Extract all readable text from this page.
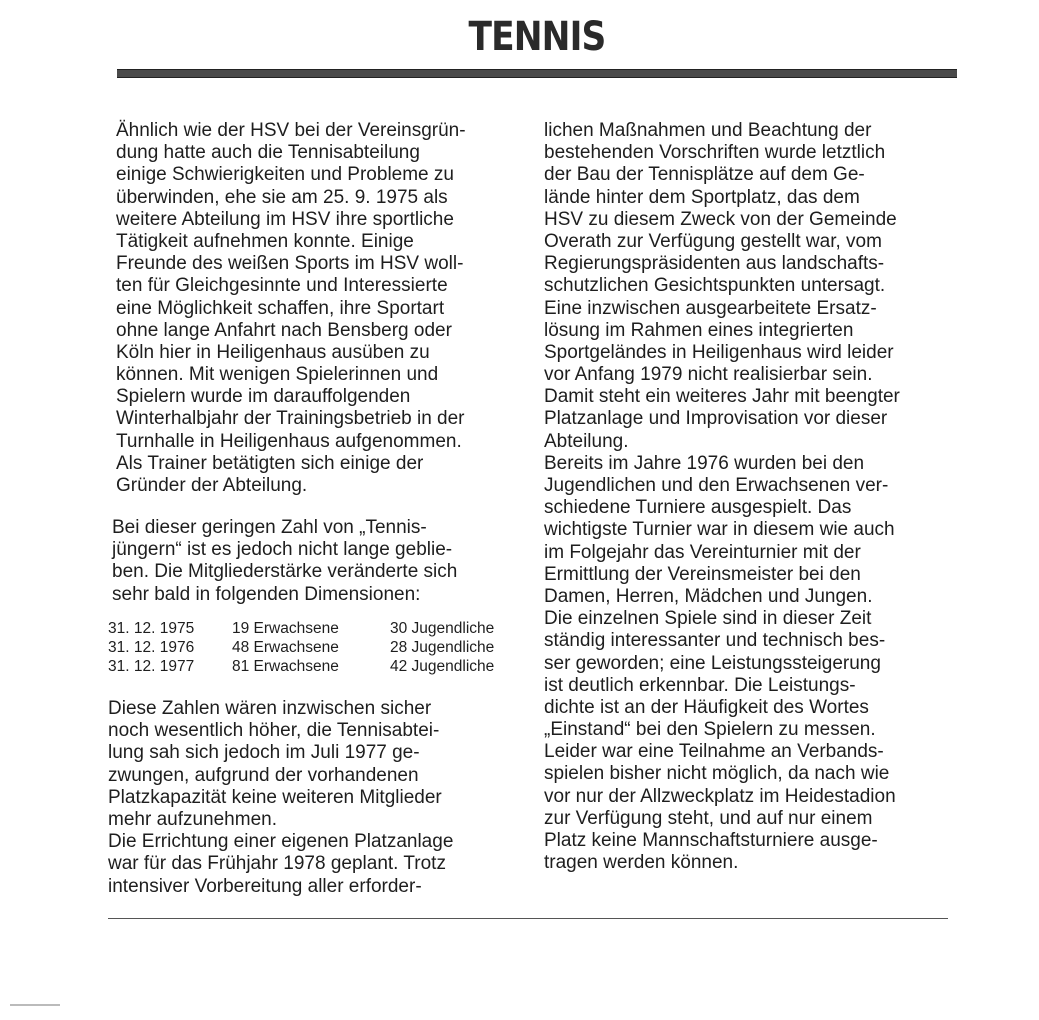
TENNIS
Ähnlich wie der HSV bei der Vereinsgrün-
dung hatte auch die Tennisabteilung
einige Schwierigkeiten und Probleme zu
überwinden, ehe sie am 25. 9. 1975 als
weitere Abteilung im HSV ihre sportliche
Tätigkeit aufnehmen konnte. Einige
Freunde des weißen Sports im HSV woll-
ten für Gleichgesinnte und Interessierte
eine Möglichkeit schaffen, ihre Sportart
ohne lange Anfahrt nach Bensberg oder
Köln hier in Heiligenhaus ausüben zu
können. Mit wenigen Spielerinnen und
Spielern wurde im darauffolgenden
Winterhalbjahr der Trainingsbetrieb in der
Turnhalle in Heiligenhaus aufgenommen.
Als Trainer betätigten sich einige der
Gründer der Abteilung.
Bei dieser geringen Zahl von „Tennis-
jüngern“ ist es jedoch nicht lange geblie-
ben. Die Mitgliederstärke veränderte sich
sehr bald in folgenden Dimensionen:
31. 12. 1975 19 Erwachsene	30 Jugendliche
31. 12. 1976 48 Erwachsene	28 Jugendliche
31. 12. 1977 81 Erwachsene	42 Jugendliche
Diese Zahlen wären inzwischen sicher
noch wesentlich höher, die Tennisabtei-
lung sah sich jedoch im Juli 1977 ge-
zwungen, aufgrund der vorhandenen
Platzkapazität keine weiteren Mitglieder
mehr aufzunehmen.
Die Errichtung einer eigenen Platzanlage
war für das Frühjahr 1978 geplant. Trotz
intensiver Vorbereitung aller erforder-
lichen Maßnahmen und Beachtung der
bestehenden Vorschriften wurde letztlich
der Bau der Tennisplätze auf dem Ge-
lände hinter dem Sportplatz, das dem
HSV zu diesem Zweck von der Gemeinde
Overath zur Verfügung gestellt war, vom
Regierungspräsidenten aus landschafts-
schutzlichen Gesichtspunkten untersagt.
Eine inzwischen ausgearbeitete Ersatz-
lösung im Rahmen eines integrierten
Sportgeländes in Heiligenhaus wird leider
vor Anfang 1979 nicht realisierbar sein.
Damit steht ein weiteres Jahr mit beengter
Platzanlage und Improvisation vor dieser
Abteilung.
Bereits im Jahre 1976 wurden bei den
Jugendlichen und den Erwachsenen ver-
schiedene Turniere ausgespielt. Das
wichtigste Turnier war in diesem wie auch
im Folgejahr das Vereinturnier mit der
Ermittlung der Vereinsmeister bei den
Damen, Herren, Mädchen und Jungen.
Die einzelnen Spiele sind in dieser Zeit
ständig interessanter und technisch bes-
ser geworden; eine Leistungssteigerung
ist deutlich erkennbar. Die Leistungs-
dichte ist an der Häufigkeit des Wortes
„Einstand“ bei den Spielern zu messen.
Leider war eine Teilnahme an Verbands-
spielen bisher nicht möglich, da nach wie
vor nur der Allzweckplatz im Heidestadion
zur Verfügung steht, und auf nur einem
Platz keine Mannschaftsturniere ausge-
tragen werden können.
